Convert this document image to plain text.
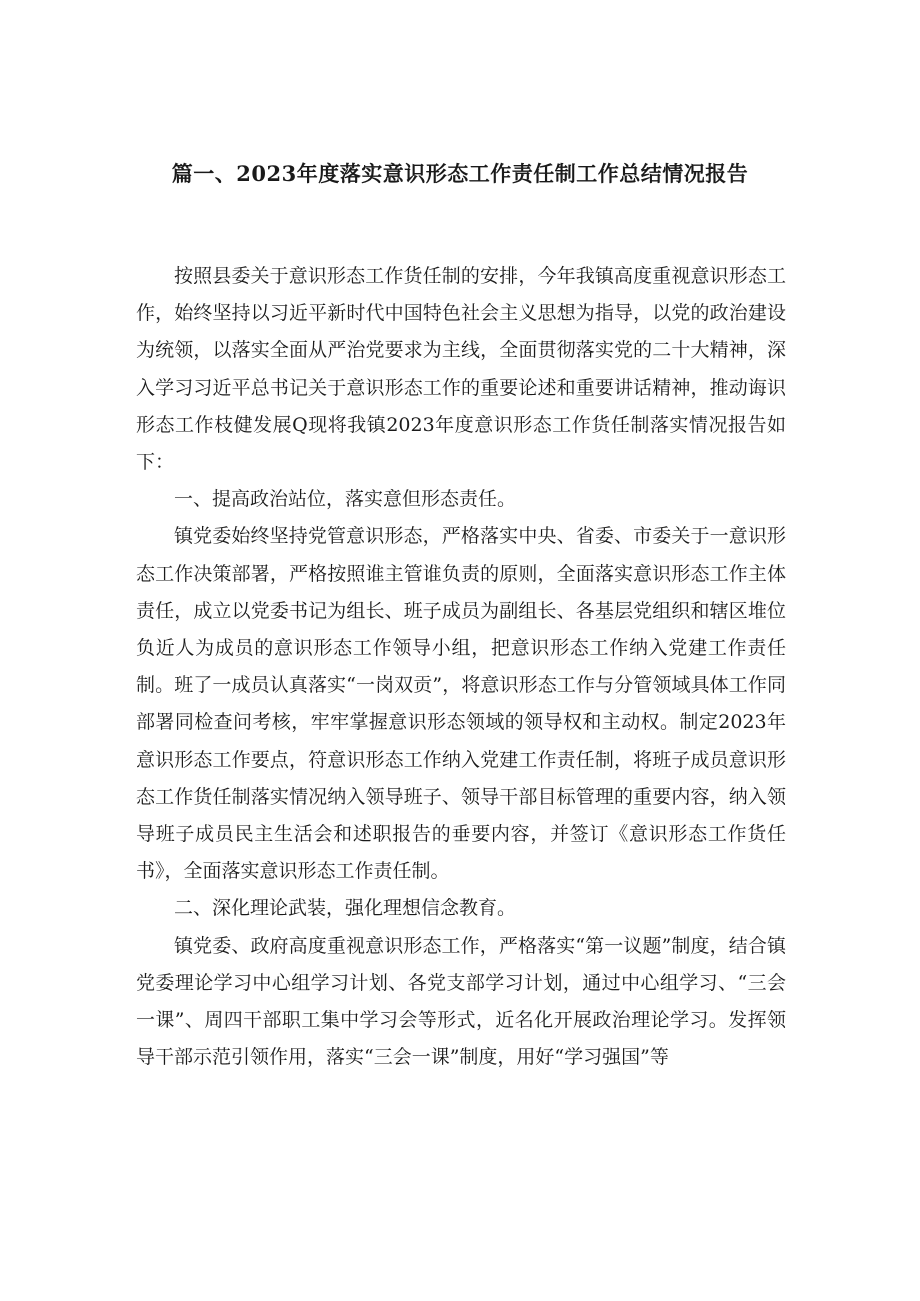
篇一、2023年度落实意识形态工作责任制工作总结情况报告

按照县委关于意识形态工作货任制的安排，今年我镇高度重视意识形态工作，始终坚持以习近平新时代中国特色社会主义思想为指导，以党的政治建设为统领，以落实全面从严治党要求为主线，全面贯彻落实党的二十大精神，深入学习习近平总书记关于意识形态工作的重要论述和重要讲话精神，推动诲识形态工作枝健发展Q现将我镇2023年度意识形态工作货任制落实情况报告如下：

一、提高政治站位，落实意但形态责任。

镇党委始终坚持党管意识形态，严格落实中央、省委、市委关于一意识形态工作决策部署，严格按照谁主管谁负责的原则，全面落实意识形态工作主体责任，成立以党委书记为组长、班子成员为副组长、各基层党组织和辖区堆位负近人为成员的意识形态工作领导小组，把意识形态工作纳入党建工作责任制。班了一成员认真落实“一岗双贡”，将意识形态工作与分管领域具体工作同部署同检查问考核，牢牢掌握意识形态领域的领导权和主动权。制定2023年意识形态工作要点，符意识形态工作纳入党建工作责任制，将班子成员意识形态工作货任制落实情况纳入领导班子、领导干部目标管理的重要内容，纳入领导班子成员民主生活会和述职报告的垂要内容，并签订《意识形态工作货任书》，全面落实意识形态工作责任制。

二、深化理论武装，强化理想信念教育。

镇党委、政府高度重视意识形态工作，严格落实“第一议题”制度，结合镇党委理论学习中心组学习计划、各党支部学习计划，通过中心组学习、“三会一课”、周四干部职工集中学习会等形式，近名化开展政治理论学习。发挥领导干部示范引领作用，落实“三会一课”制度，用好“学习强国”等
